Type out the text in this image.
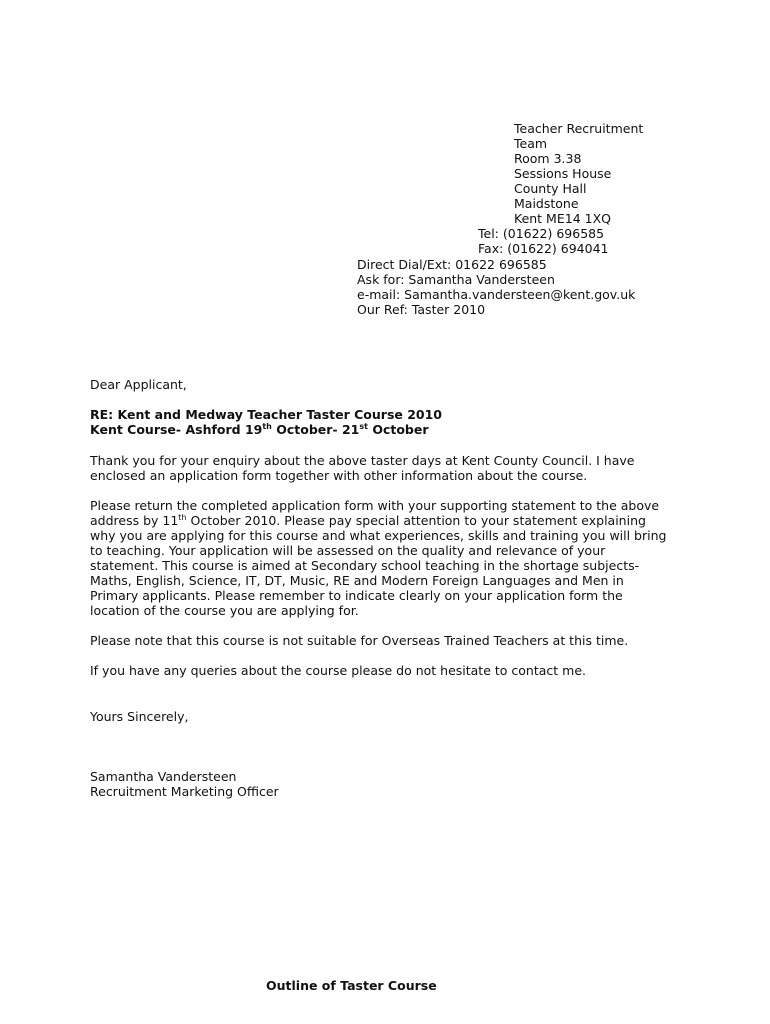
Teacher Recruitment
Team
Room 3.38
Sessions House
County Hall
Maidstone
Kent ME14 1XQ
Tel: (01622) 696585
Fax: (01622) 694041
Direct Dial/Ext: 01622 696585
Ask for: Samantha Vandersteen
e-mail: Samantha.vandersteen@kent.gov.uk
Our Ref: Taster 2010
Dear Applicant,
RE: Kent and Medway Teacher Taster Course 2010
Kent Course- Ashford 19th October- 21st October
Thank you for your enquiry about the above taster days at Kent County Council. I have
enclosed an application form together with other information about the course.
Please return the completed application form with your supporting statement to the above
address by 11th October 2010. Please pay special attention to your statement explaining
why you are applying for this course and what experiences, skills and training you will bring
to teaching. Your application will be assessed on the quality and relevance of your
statement. This course is aimed at Secondary school teaching in the shortage subjects-
Maths, English, Science, IT, DT, Music, RE and Modern Foreign Languages and Men in
Primary applicants. Please remember to indicate clearly on your application form the
location of the course you are applying for.
Please note that this course is not suitable for Overseas Trained Teachers at this time.
If you have any queries about the course please do not hesitate to contact me.
Yours Sincerely,
Samantha Vandersteen
Recruitment Marketing Officer
Outline of Taster Course
